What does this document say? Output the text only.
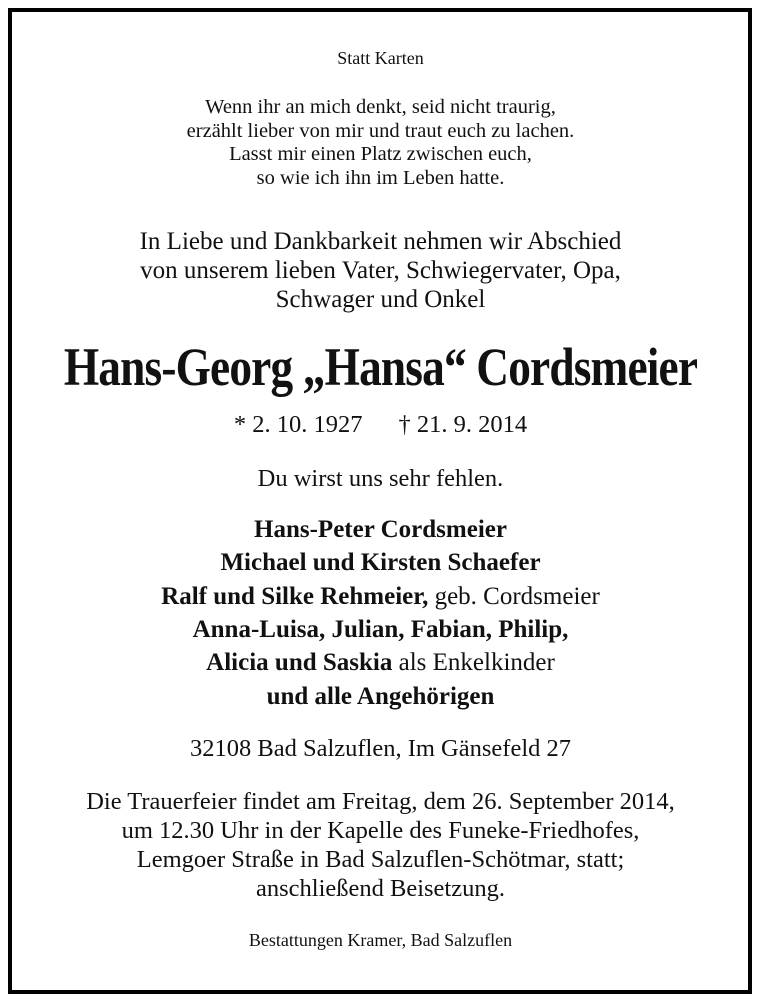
Statt Karten
Wenn ihr an mich denkt, seid nicht traurig,
erzählt lieber von mir und traut euch zu lachen.
Lasst mir einen Platz zwischen euch,
so wie ich ihn im Leben hatte.
In Liebe und Dankbarkeit nehmen wir Abschied
von unserem lieben Vater, Schwiegervater, Opa,
Schwager und Onkel
Hans-Georg „Hansa“ Cordsmeier
* 2. 10. 1927 † 21. 9. 2014
Du wirst uns sehr fehlen.
Hans-Peter Cordsmeier
Michael und Kirsten Schaefer
Ralf und Silke Rehmeier, geb. Cordsmeier
Anna-Luisa, Julian, Fabian, Philip,
Alicia und Saskia als Enkelkinder
und alle Angehörigen
32108 Bad Salzuflen, Im Gänsefeld 27
Die Trauerfeier findet am Freitag, dem 26. September 2014,
um 12.30 Uhr in der Kapelle des Funeke-Friedhofes,
Lemgoer Straße in Bad Salzuflen-Schötmar, statt;
anschließend Beisetzung.
Bestattungen Kramer, Bad Salzuflen
